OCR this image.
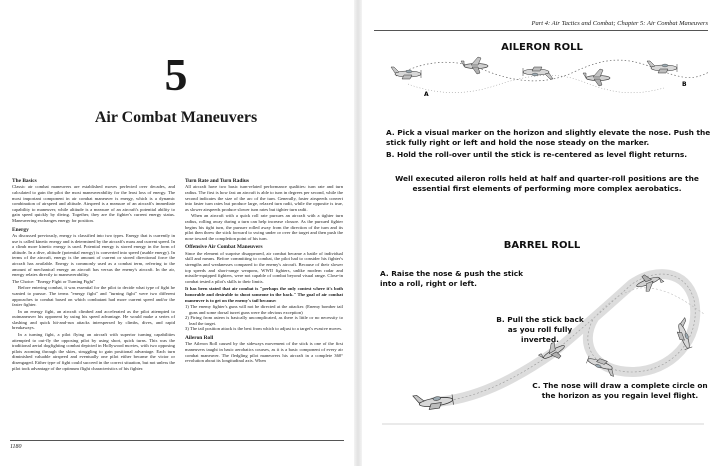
5
Air Combat Maneuvers
The Basics

Classic air combat maneuvers are established moves perfected over decades, and calculated to gain the pilot the most maneuverability for the least loss of energy. The most important component in air combat maneuver is energy, which is a dynamic combination of airspeed and altitude. Airspeed is a measure of an aircraft's immediate capability to maneuver, while altitude is a measure of an aircraft's potential ability to gain speed quickly by diving. Together, they are the fighter's current energy status. Maneuvering exchanges energy for position.

Energy

As discussed previously, energy is classified into two types. Energy that is currently in use is called kinetic energy and is determined by the aircraft's mass and current speed. In a climb more kinetic energy is used. Potential energy is stored energy in the form of altitude. In a dive, altitude (potential energy) is converted into speed (usable energy). In terms of the aircraft, energy is the amount of current or stored directional force the aircraft has available. Energy is commonly used as a combat term, referring to the amount of mechanical energy an aircraft has versus the enemy's aircraft. In the air, energy relates directly to maneuverability.

The Choice: "Energy Fight or Turning Fight"

Before entering combat, it was essential for the pilot to decide what type of fight he wanted to pursue. The terms "energy fight" and "turning fight" were two different approaches to combat based on which combatant had more current speed and/or the faster fighter.

In an energy fight, an aircraft climbed and accelerated as the pilot attempted to outmaneuver his opponent by using his speed advantage. He would make a series of slashing and quick hit-and-run attacks interspersed by climbs, dives, and rapid breakaways.

In a turning fight, a pilot flying an aircraft with superior turning capabilities attempted to out-fly the opposing pilot by using short, quick turns. This was the traditional aerial dogfighting combat depicted in Hollywood movies, with two opposing pilots zooming through the skies, struggling to gain positional advantage. Each turn diminished valuable airspeed and eventually one pilot either became the victor or disengaged. Either type of fight could succeed in the correct situation, but not unless the pilot took advantage of the optimum flight characteristics of his fighter.

Turn Rate and Turn Radius

All aircraft have two basic turn-related performance qualities: turn rate and turn radius. The first is how fast an aircraft is able to turn in degrees per second, while the second indicates the size of the arc of the turn. Generally, faster airspeeds convert into faster turn rates but produce large, relaxed turn radii, while the opposite is true, as slower airspeeds produce slower turn rates but tighter turn radii.

When an aircraft with a quick roll rate pursues an aircraft with a tighter turn radius, rolling away during a turn can help increase closure. As the pursued fighter begins his tight turn, the pursuer rolled away from the direction of the turn and its pilot then threw the stick forward to swing under or over the target and then push the nose toward the completion point of his turn.

Offensive Air Combat Maneuvers

Since the element of surprise disappeared, air combat became a battle of individual skill and means. Before committing to combat, the pilot had to consider his fighter's strengths and weaknesses compared to the enemy's aircraft. Because of their slower top speeds and short-range weapons, WWII fighters, unlike modern radar and missile-equipped fighters, were not capable of combat beyond visual range. Close-in combat tested a pilot's skills to their limits.

It has been stated that air combat is "perhaps the only contest where it's both honorable and desirable to shoot someone in the back." The goal of air combat maneuver is to get on the enemy's tail because:

1) The enemy fighter's guns will not be directed at the attacker. (Enemy bomber tail guns and some dorsal turret guns were the obvious exception)
2) Firing from astern is basically uncomplicated, as there is little or no necessity to lead the target.
3) The tail position attack is the best from which to adjust to a target's evasive moves.
Aileron Roll

The Aileron Roll caused by the sideways movement of the stick is one of the first maneuvers taught in basic aerobatics courses, as it is a basic component of every air combat maneuver. The fledgling pilot maneuvers his aircraft in a complete 360° revolution about its longitudinal axis. When

1180
Part 4: Air Tactics and Combat; Chapter 5: Air Combat Maneuvers
AILERON ROLL
A
B
A. Pick a visual marker on the horizon and slightly elevate the nose. Push the stick fully right or left and hold the nose steady on the marker.
B. Hold the roll-over until the stick is re-centered as level flight returns.
Well executed aileron rolls held at half and quarter-roll positions are the essential first elements of performing more complex aerobatics.
BARREL ROLL
A. Raise the nose & push the stick into a roll, right or left.
B. Pull the stick back as you roll fully inverted.
C. The nose will draw a complete circle on the horizon as you regain level flight.
